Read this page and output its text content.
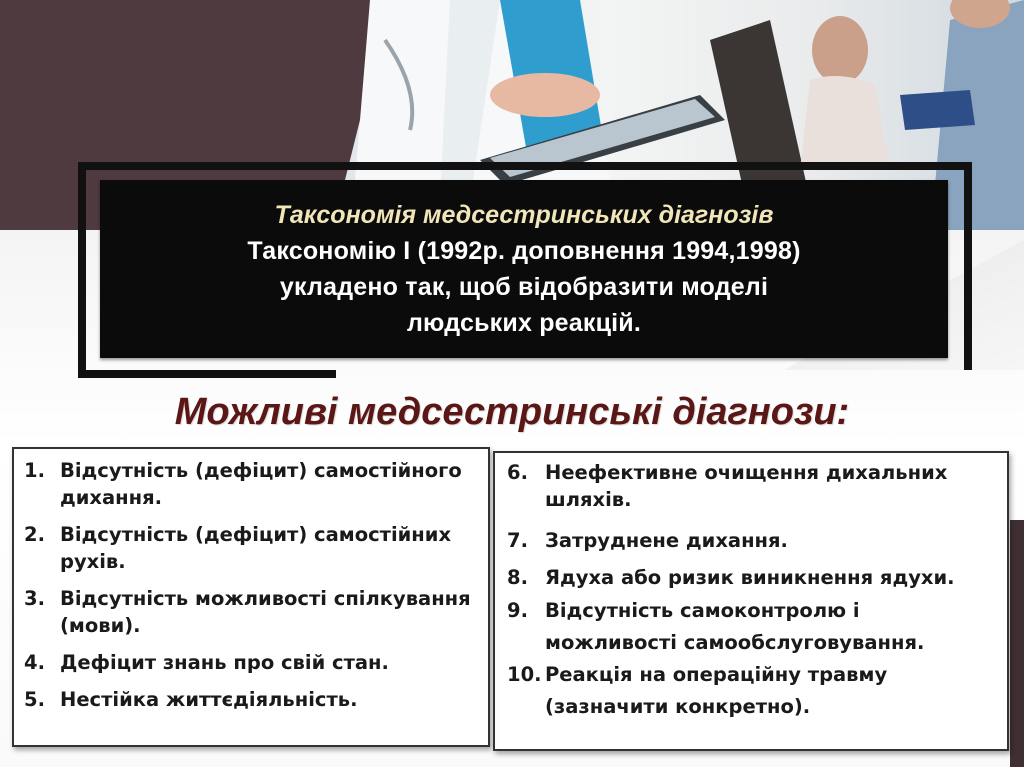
Таксономія медсестринських діагнозів
Таксономію І (1992р. доповнення 1994,1998)
укладено так, щоб відобразити моделі
людських реакцій.
Можливі медсестринські діагнози:
1. Відсутність (дефіцит) самостійного дихання.
2. Відсутність (дефіцит) самостійних рухів.
3. Відсутність можливості спілкування (мови).
4. Дефіцит знань про свій стан.
5. Нестійка життєдіяльність.
6. Неефективне очищення дихальних шляхів.
7. Затруднене дихання.
8. Ядуха або ризик виникнення ядухи.
9. Відсутність самоконтролю і можливості самообслуговування.
10. Реакція на операційну травму (зазначити конкретно).
